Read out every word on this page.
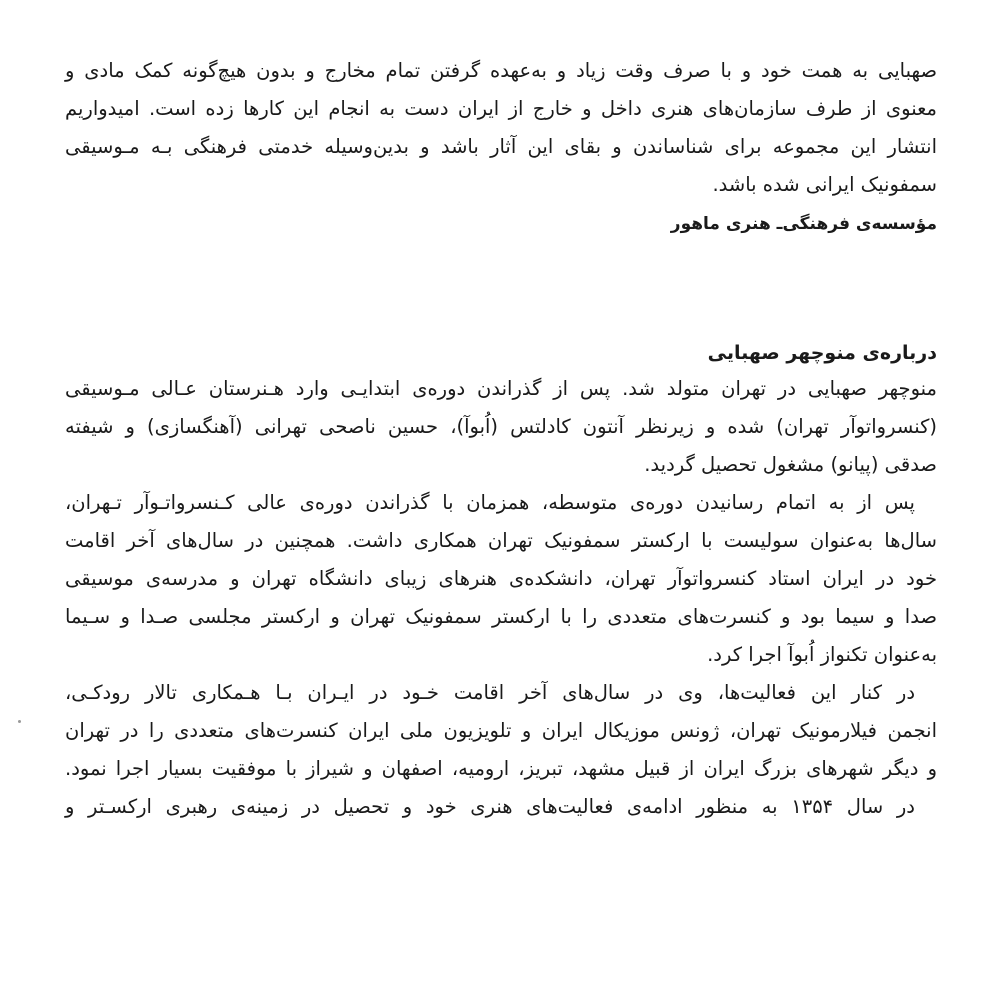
صهبایی به همت خود و با صرف وقت زیاد و به‌عهده گرفتن تمام مخارج و بدون هیچ‌گونه کمک مادی و
معنوی از طرف سازمان‌های هنری داخل و خارج از ایران دست به انجام این کارها زده است. امیدواریم
انتشار این مجموعه برای شناساندن و بقای این آثار باشد و بدین‌وسیله خدمتی فرهنگی بـه مـوسیقی
سمفونیک ایرانی شده باشد.
مؤسسه‌ی فرهنگی‌ـ هنری ماهور
درباره‌ی منوچهر صهبایی
منوچهر صهبایی در تهران متولد شد. پس از گذراندن دوره‌ی ابتدایـی وارد هـنرستان عـالی مـوسیقی
(کنسرواتوآر تهران) شده و زیرنظر آنتون کادلتس (اُبوآ)، حسین ناصحی تهرانی (آهنگسازی) و شیفته
صدقی (پیانو) مشغول تحصیل گردید.
پس از به اتمام رسانیدن دوره‌ی متوسطه، همزمان با گذراندن دوره‌ی عالی کـنسرواتـوآر تـهران،
سال‌ها به‌عنوان سولیست با ارکستر سمفونیک تهران همکاری داشت. همچنین در سال‌های آخر اقامت
خود در ایران استاد کنسرواتوآر تهران، دانشکده‌ی هنرهای زیبای دانشگاه تهران و مدرسه‌ی موسیقی
صدا و سیما بود و کنسرت‌های متعددی را با ارکستر سمفونیک تهران و ارکستر مجلسی صـدا و سـیما
به‌عنوان تکنواز اُبوآ اجرا کرد.
در کنار این فعالیت‌ها، وی در سال‌های آخر اقامت خـود در ایـران بـا هـمکاری تالار رودکـی،
انجمن فیلارمونیک تهران، ژونس موزیکال ایران و تلویزیون ملی ایران کنسرت‌های متعددی را در تهران
و دیگر شهرهای بزرگ ایران از قبیل مشهد، تبریز، ارومیه، اصفهان و شیراز با موفقیت بسیار اجرا نمود.
در سال ۱۳۵۴ به منظور ادامه‌ی فعالیت‌های هنری خود و تحصیل در زمینه‌ی رهبری ارکسـتر و
